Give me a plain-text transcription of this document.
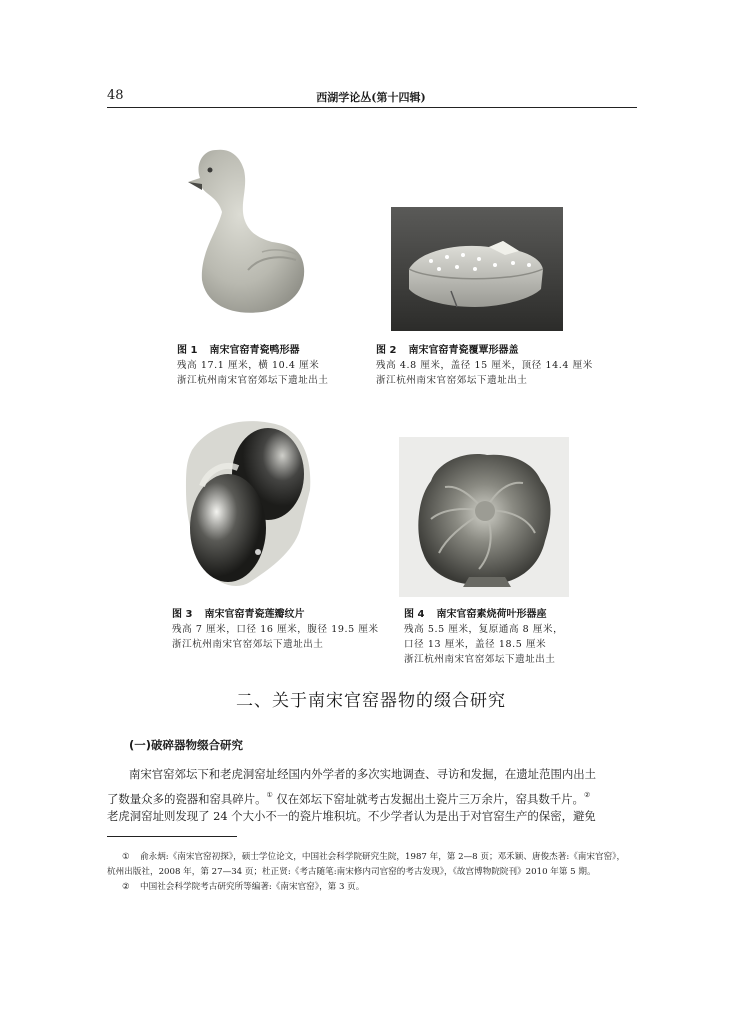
48	西湖学论丛(第十四辑)
图 1 南宋官窑青瓷鸭形器
残高 17.1 厘米，横 10.4 厘米
浙江杭州南宋官窑郊坛下遗址出土
图 2 南宋官窑青瓷覆覃形器盖
残高 4.8 厘米，盖径 15 厘米，顶径 14.4 厘米
浙江杭州南宋官窑郊坛下遗址出土
图 3 南宋官窑青瓷莲瓣纹片
残高 7 厘米，口径 16 厘米，腹径 19.5 厘米
浙江杭州南宋官窑郊坛下遗址出土
图 4 南宋官窑素烧荷叶形器座
残高 5.5 厘米，复原通高 8 厘米，
口径 13 厘米，盖径 18.5 厘米
浙江杭州南宋官窑郊坛下遗址出土
二、关于南宋官窑器物的缀合研究
(一)破碎器物缀合研究
南宋官窑郊坛下和老虎洞窑址经国内外学者的多次实地调查、寻访和发掘，在遗址范围内出土
了数量众多的瓷器和窑具碎片。① 仅在郊坛下窑址就考古发掘出土瓷片三万余片，窑具数千片。②
老虎洞窑址则发现了 24 个大小不一的瓷片堆积坑。不少学者认为是出于对官窑生产的保密，避免
① 俞永炳:《南宋官窑初探》，硕士学位论文，中国社会科学院研究生院，1987 年，第 2—8 页；邓禾颖、唐俊杰著:《南宋官窑》，
杭州出版社，2008 年，第 27—34 页；杜正贤:《考古随笔:南宋修内司官窑的考古发现》，《故宫博物院院刊》2010 年第 5 期。
② 中国社会科学院考古研究所等编著:《南宋官窑》，第 3 页。
